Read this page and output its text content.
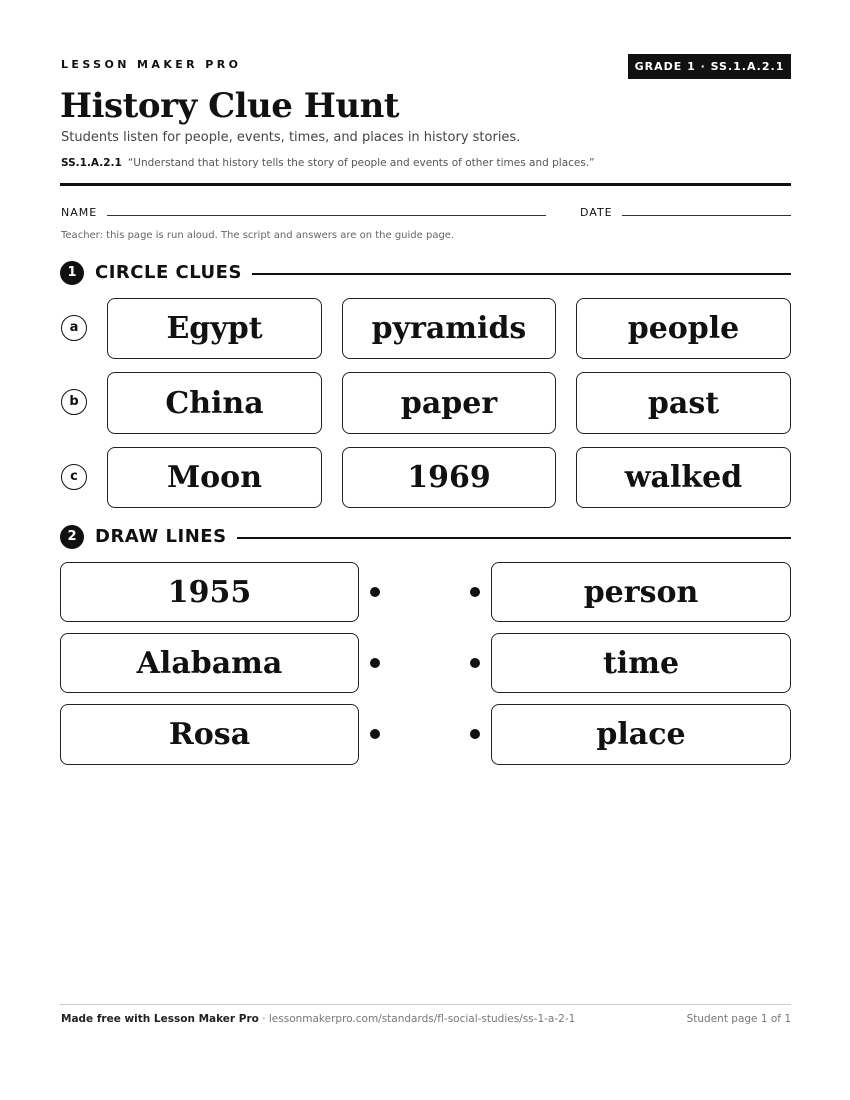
LESSON MAKER PRO	GRADE 1 · SS.1.A.2.1
History Clue Hunt
Students listen for people, events, times, and places in history stories.
SS.1.A.2.1 “Understand that history tells the story of people and events of other times and places.”
NAME	DATE
Teacher: this page is run aloud. The script and answers are on the guide page.
1	CIRCLE CLUES
a	Egypt	pyramids	people
b	China	paper	past
c	Moon	1969	walked
2	DRAW LINES
1955	person
Alabama	time
Rosa	place
Made free with Lesson Maker Pro · lessonmakerpro.com/standards/fl-social-studies/ss-1-a-2-1	Student page 1 of 1
